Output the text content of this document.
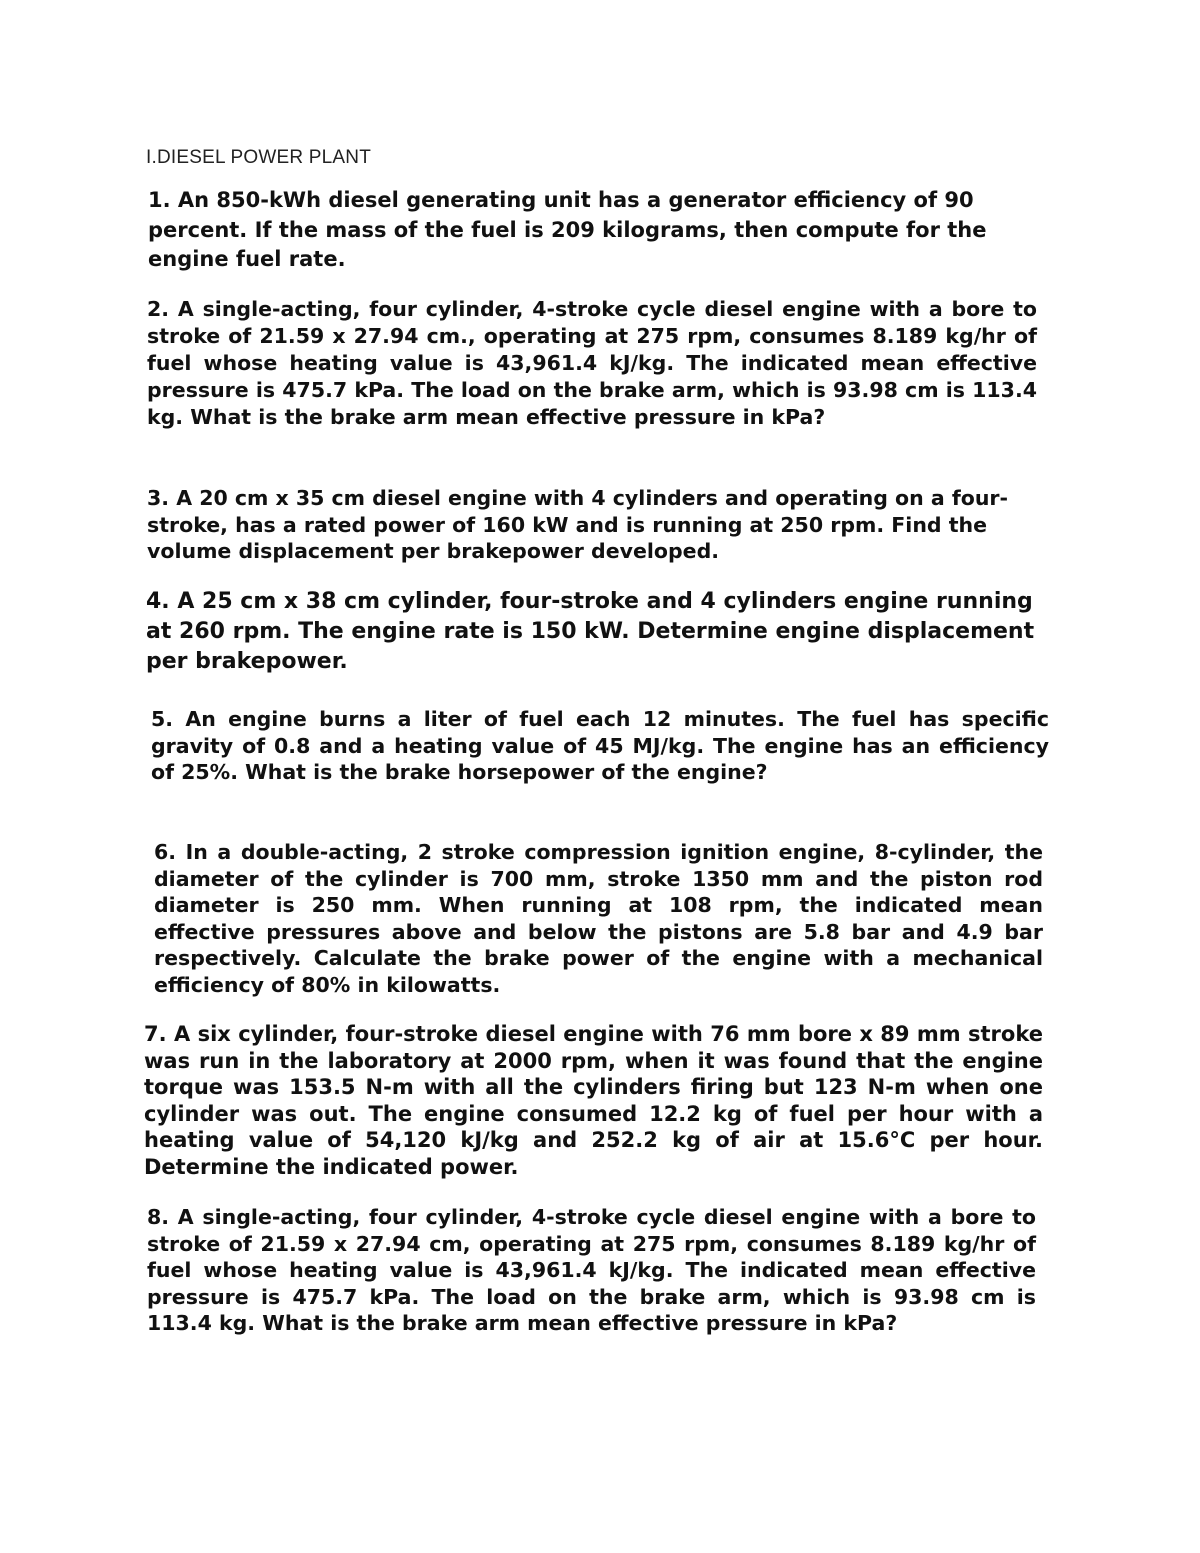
I.DIESEL POWER PLANT

1. An 850-kWh diesel generating unit has a generator efficiency of 90 percent. If the mass of the fuel is 209 kilograms, then compute for the engine fuel rate.

2. A single-acting, four cylinder, 4-stroke cycle diesel engine with a bore to stroke of 21.59 x 27.94 cm., operating at 275 rpm, consumes 8.189 kg/hr of fuel whose heating value is 43,961.4 kJ/kg. The indicated mean effective pressure is 475.7 kPa. The load on the brake arm, which is 93.98 cm is 113.4 kg. What is the brake arm mean effective pressure in kPa?

3. A 20 cm x 35 cm diesel engine with 4 cylinders and operating on a four-stroke, has a rated power of 160 kW and is running at 250 rpm. Find the volume displacement per brakepower developed.

4. A 25 cm x 38 cm cylinder, four-stroke and 4 cylinders engine running at 260 rpm. The engine rate is 150 kW. Determine engine displacement per brakepower.

5. An engine burns a liter of fuel each 12 minutes. The fuel has specific gravity of 0.8 and a heating value of 45 MJ/kg. The engine has an efficiency of 25%. What is the brake horsepower of the engine?

6. In a double-acting, 2 stroke compression ignition engine, 8-cylinder, the diameter of the cylinder is 700 mm, stroke 1350 mm and the piston rod diameter is 250 mm. When running at 108 rpm, the indicated mean effective pressures above and below the pistons are 5.8 bar and 4.9 bar respectively. Calculate the brake power of the engine with a mechanical efficiency of 80% in kilowatts.

7. A six cylinder, four-stroke diesel engine with 76 mm bore x 89 mm stroke was run in the laboratory at 2000 rpm, when it was found that the engine torque was 153.5 N-m with all the cylinders firing but 123 N-m when one cylinder was out. The engine consumed 12.2 kg of fuel per hour with a heating value of 54,120 kJ/kg and 252.2 kg of air at 15.6°C per hour. Determine the indicated power.

8. A single-acting, four cylinder, 4-stroke cycle diesel engine with a bore to stroke of 21.59 x 27.94 cm, operating at 275 rpm, consumes 8.189 kg/hr of fuel whose heating value is 43,961.4 kJ/kg. The indicated mean effective pressure is 475.7 kPa. The load on the brake arm, which is 93.98 cm is 113.4 kg. What is the brake arm mean effective pressure in kPa?
